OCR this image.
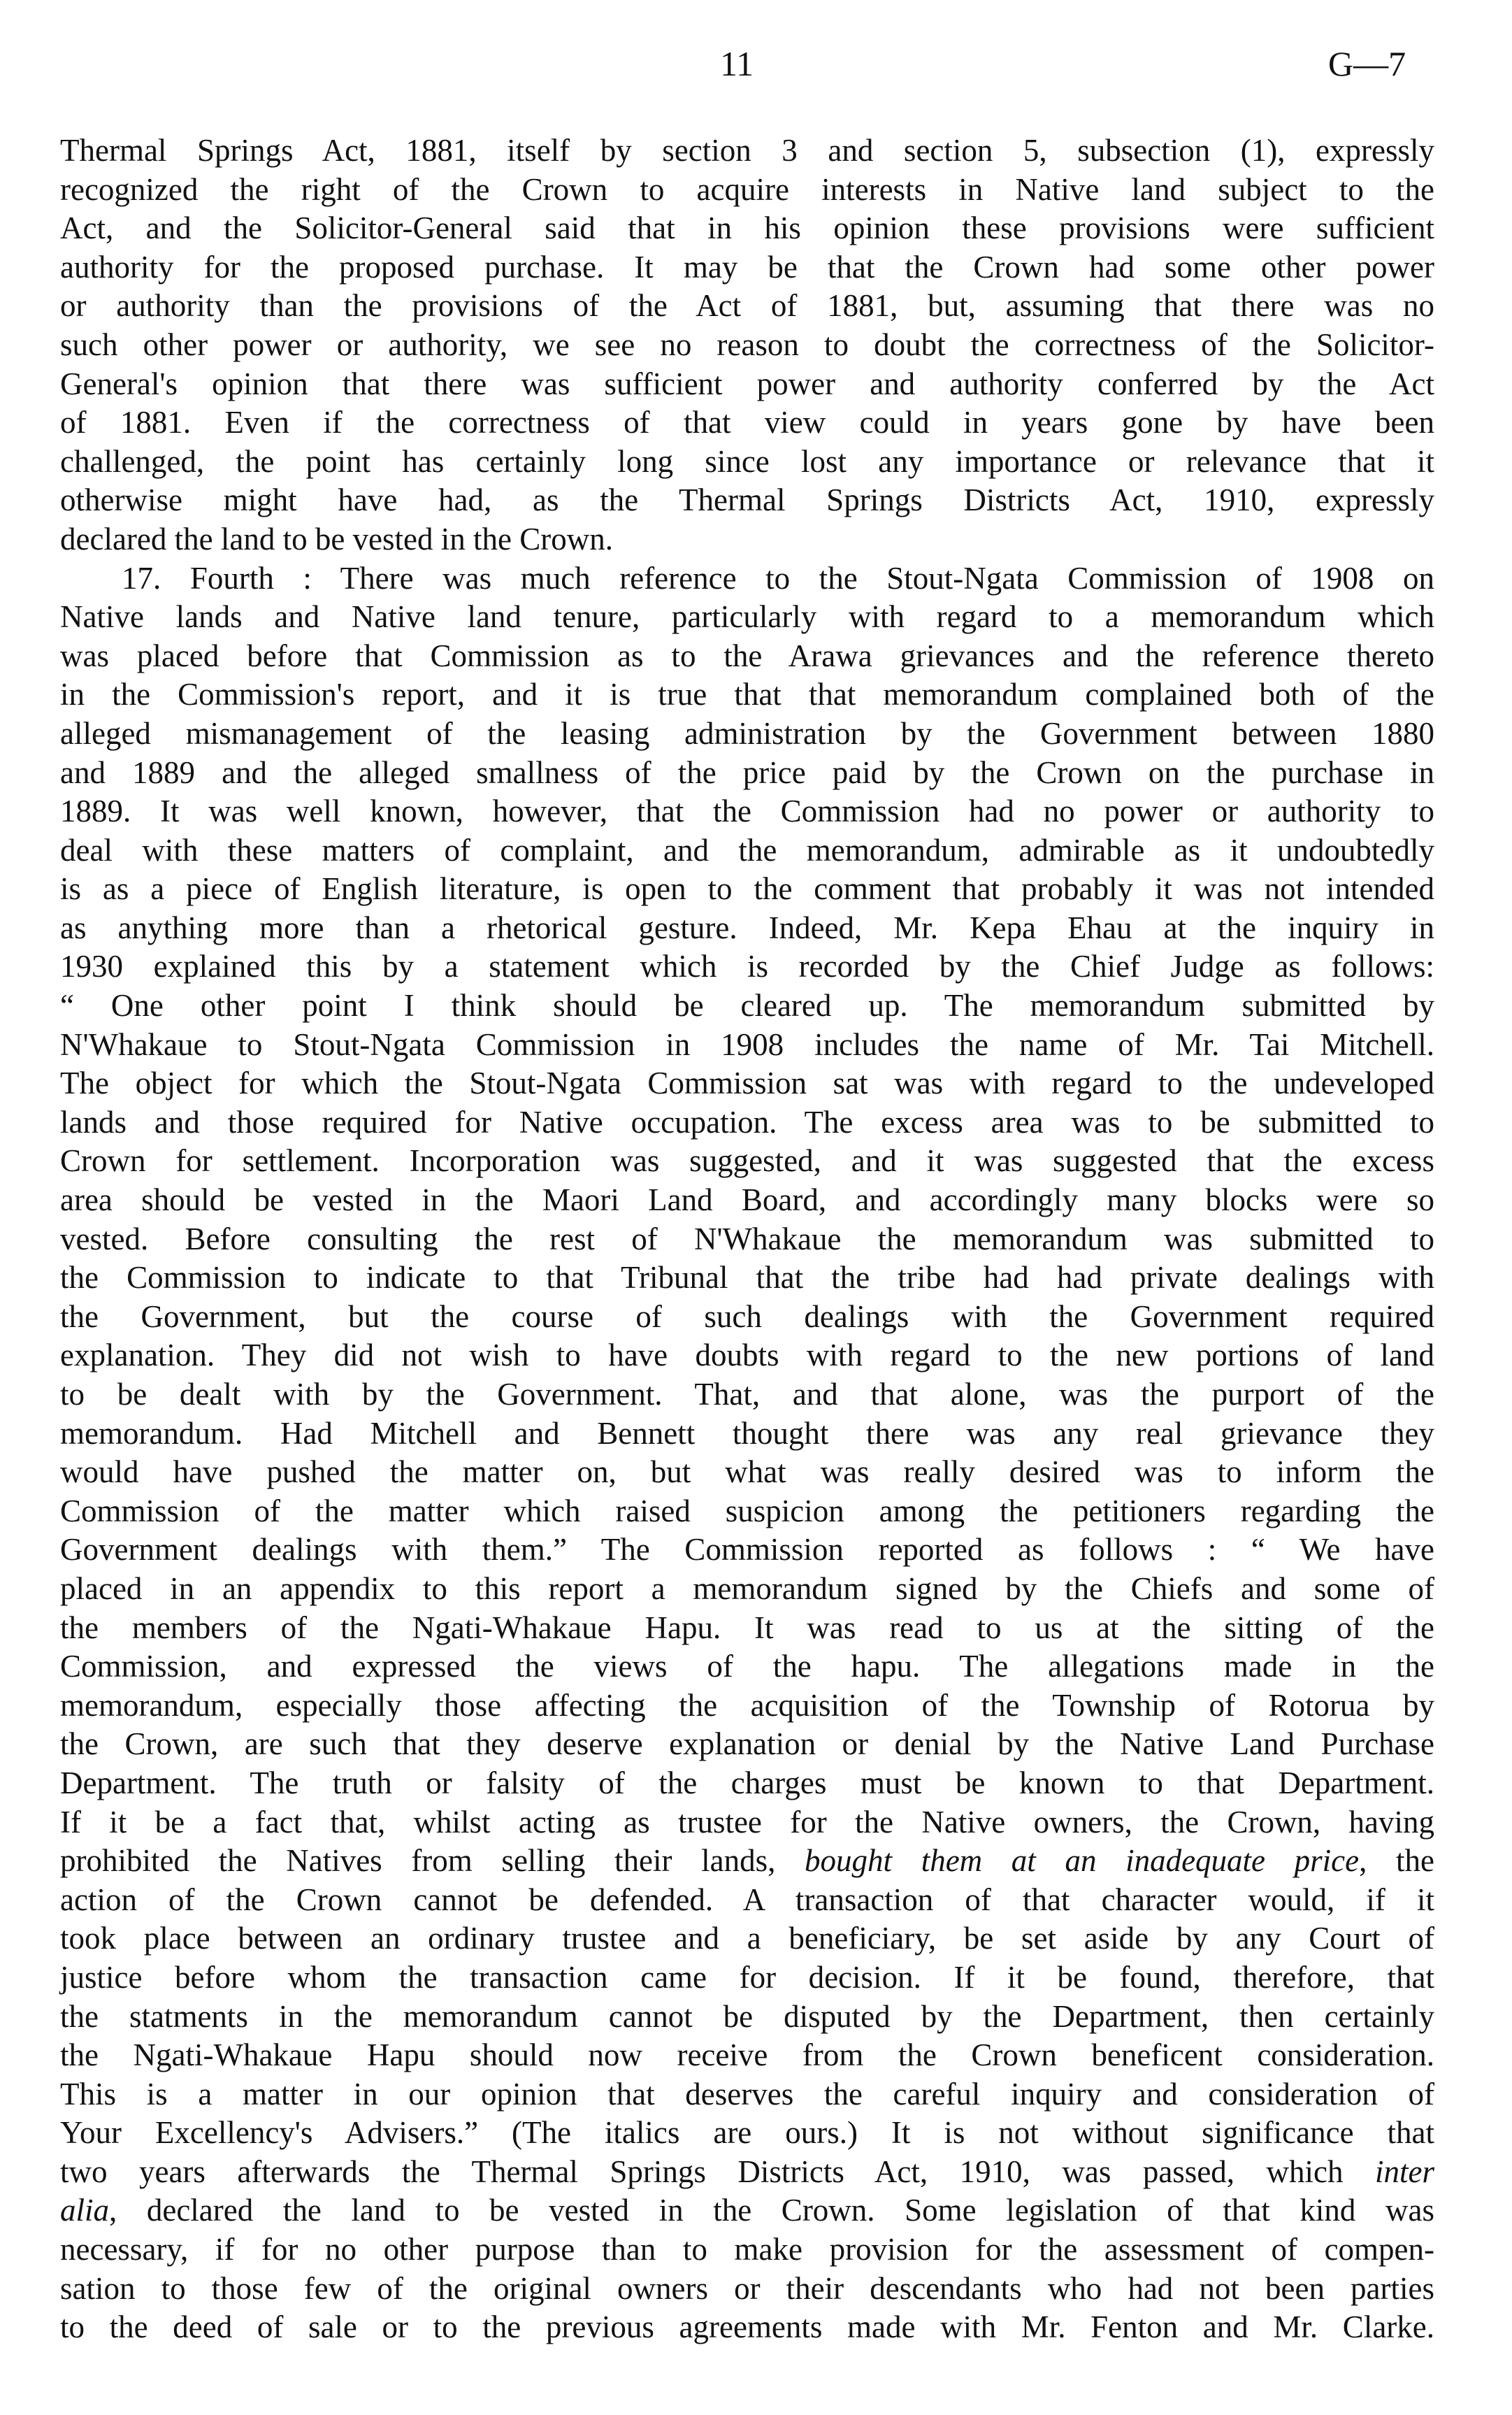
11	G—7
Thermal Springs Act, 1881, itself by section 3 and section 5, subsection (1), expressly
recognized the right of the Crown to acquire interests in Native land subject to the
Act, and the Solicitor-General said that in his opinion these provisions were sufficient
authority for the proposed purchase. It may be that the Crown had some other power
or authority than the provisions of the Act of 1881, but, assuming that there was no
such other power or authority, we see no reason to doubt the correctness of the Solicitor-
General's opinion that there was sufficient power and authority conferred by the Act
of 1881. Even if the correctness of that view could in years gone by have been
challenged, the point has certainly long since lost any importance or relevance that it
otherwise might have had, as the Thermal Springs Districts Act, 1910, expressly
declared the land to be vested in the Crown.
17. Fourth : There was much reference to the Stout-Ngata Commission of 1908 on
Native lands and Native land tenure, particularly with regard to a memorandum which
was placed before that Commission as to the Arawa grievances and the reference thereto
in the Commission's report, and it is true that that memorandum complained both of the
alleged mismanagement of the leasing administration by the Government between 1880
and 1889 and the alleged smallness of the price paid by the Crown on the purchase in
1889. It was well known, however, that the Commission had no power or authority to
deal with these matters of complaint, and the memorandum, admirable as it undoubtedly
is as a piece of English literature, is open to the comment that probably it was not intended
as anything more than a rhetorical gesture. Indeed, Mr. Kepa Ehau at the inquiry in
1930 explained this by a statement which is recorded by the Chief Judge as follows:
“ One other point I think should be cleared up. The memorandum submitted by
N'Whakaue to Stout-Ngata Commission in 1908 includes the name of Mr. Tai Mitchell.
The object for which the Stout-Ngata Commission sat was with regard to the undeveloped
lands and those required for Native occupation. The excess area was to be submitted to
Crown for settlement. Incorporation was suggested, and it was suggested that the excess
area should be vested in the Maori Land Board, and accordingly many blocks were so
vested. Before consulting the rest of N'Whakaue the memorandum was submitted to
the Commission to indicate to that Tribunal that the tribe had had private dealings with
the Government, but the course of such dealings with the Government required
explanation. They did not wish to have doubts with regard to the new portions of land
to be dealt with by the Government. That, and that alone, was the purport of the
memorandum. Had Mitchell and Bennett thought there was any real grievance they
would have pushed the matter on, but what was really desired was to inform the
Commission of the matter which raised suspicion among the petitioners regarding the
Government dealings with them.” The Commission reported as follows : “ We have
placed in an appendix to this report a memorandum signed by the Chiefs and some of
the members of the Ngati-Whakaue Hapu. It was read to us at the sitting of the
Commission, and expressed the views of the hapu. The allegations made in the
memorandum, especially those affecting the acquisition of the Township of Rotorua by
the Crown, are such that they deserve explanation or denial by the Native Land Purchase
Department. The truth or falsity of the charges must be known to that Department.
If it be a fact that, whilst acting as trustee for the Native owners, the Crown, having
prohibited the Natives from selling their lands, bought them at an inadequate price, the
action of the Crown cannot be defended. A transaction of that character would, if it
took place between an ordinary trustee and a beneficiary, be set aside by any Court of
justice before whom the transaction came for decision. If it be found, therefore, that
the statments in the memorandum cannot be disputed by the Department, then certainly
the Ngati-Whakaue Hapu should now receive from the Crown beneficent consideration.
This is a matter in our opinion that deserves the careful inquiry and consideration of
Your Excellency's Advisers.” (The italics are ours.) It is not without significance that
two years afterwards the Thermal Springs Districts Act, 1910, was passed, which inter
alia, declared the land to be vested in the Crown. Some legislation of that kind was
necessary, if for no other purpose than to make provision for the assessment of compen-
sation to those few of the original owners or their descendants who had not been parties
to the deed of sale or to the previous agreements made with Mr. Fenton and Mr. Clarke.
